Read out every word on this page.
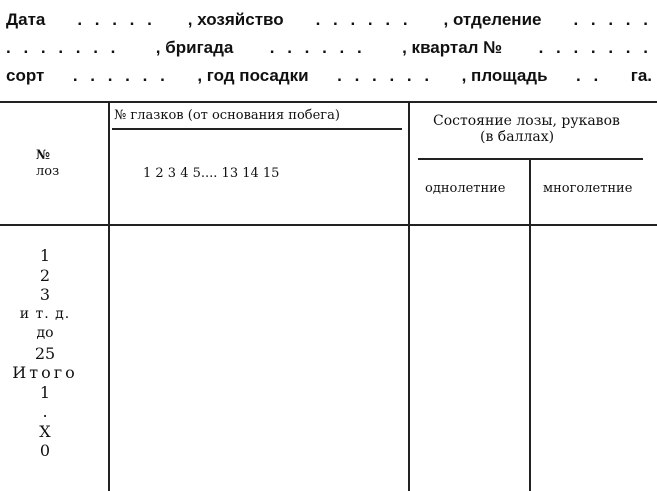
Дата . . . . . , хозяйство . . . . . . , отделение . . . . .
. . . . . . . , бригада . . . . . . , квартал № . . . . . . .
сорт . . . . . . , год посадки . . . . . . , площадь . . га.
№
лоз
№ глазков (от основания побега)
1 2 3 4 5.... 13 14 15
Состояние лозы, рукавов
(в баллах)
однолетние	многолетние
1
2
3
и т. д.
до
25
Итого
1
.
Х
0
